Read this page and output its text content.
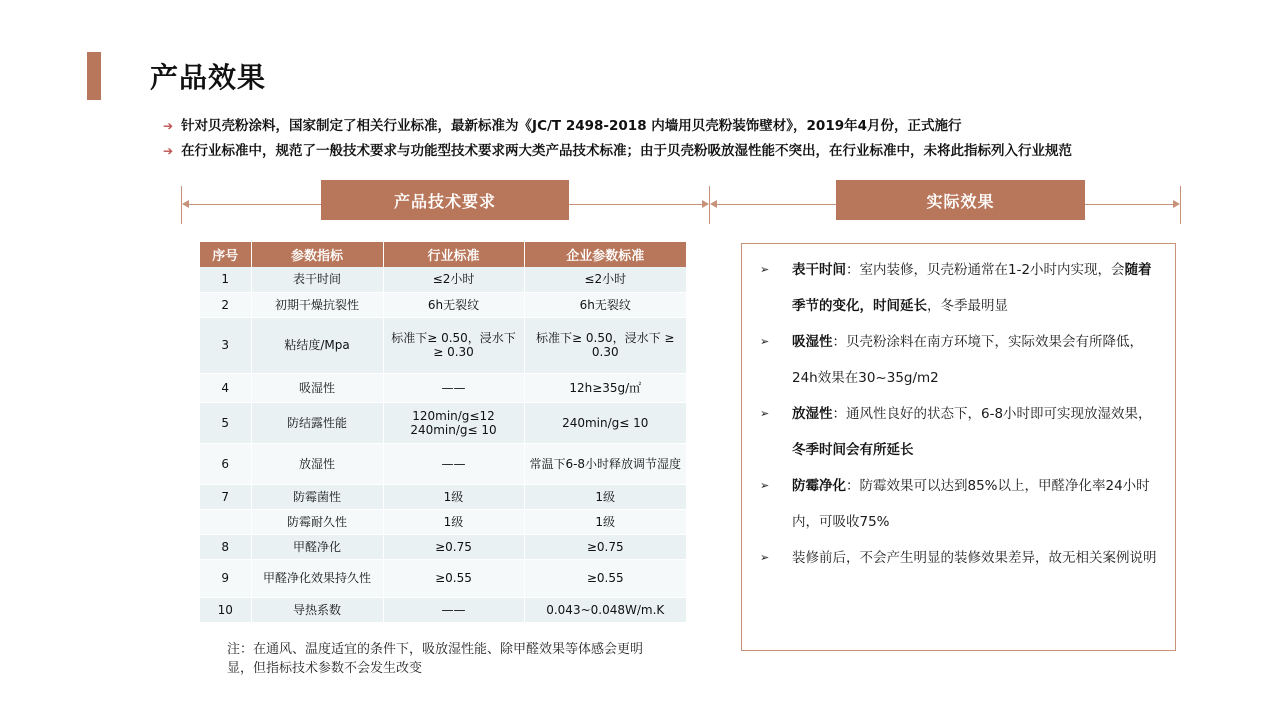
产品效果
➔ 针对贝壳粉涂料，国家制定了相关行业标准，最新标准为《JC/T 2498-2018 内墙用贝壳粉装饰壁材》，2019年4月份，正式施行
➔ 在行业标准中，规范了一般技术要求与功能型技术要求两大类产品技术标准；由于贝壳粉吸放湿性能不突出，在行业标准中，未将此指标列入行业规范
产品技术要求	实际效果
序号	参数指标	行业标准	企业参数标准
1	表干时间	≤2小时	≤2小时
2	初期干燥抗裂性	6h无裂纹	6h无裂纹
3	粘结度/Mpa	标准下≥ 0.50，浸水下 ≥ 0.30	标准下≥ 0.50，浸水下 ≥ 0.30
4	吸湿性	——	12h≥35g/㎡
5	防结露性能	120min/g≤12 240min/g≤ 10	240min/g≤ 10
6	放湿性	——	常温下6-8小时释放调节湿度
7	防霉菌性	1级	1级
	防霉耐久性	1级	1级
8	甲醛净化	≥0.75	≥0.75
9	甲醛净化效果持久性	≥0.55	≥0.55
10	导热系数	——	0.043~0.048W/m.K
注：在通风、温度适宜的条件下，吸放湿性能、除甲醛效果等体感会更明显，但指标技术参数不会发生改变
➢ 表干时间：室内装修，贝壳粉通常在1-2小时内实现，会随着季节的变化，时间延长，冬季最明显
➢ 吸湿性：贝壳粉涂料在南方环境下，实际效果会有所降低，24h效果在30~35g/m2
➢ 放湿性：通风性良好的状态下，6-8小时即可实现放湿效果，冬季时间会有所延长
➢ 防霉净化：防霉效果可以达到85%以上，甲醛净化率24小时内，可吸收75%
➢ 装修前后，不会产生明显的装修效果差异，故无相关案例说明
